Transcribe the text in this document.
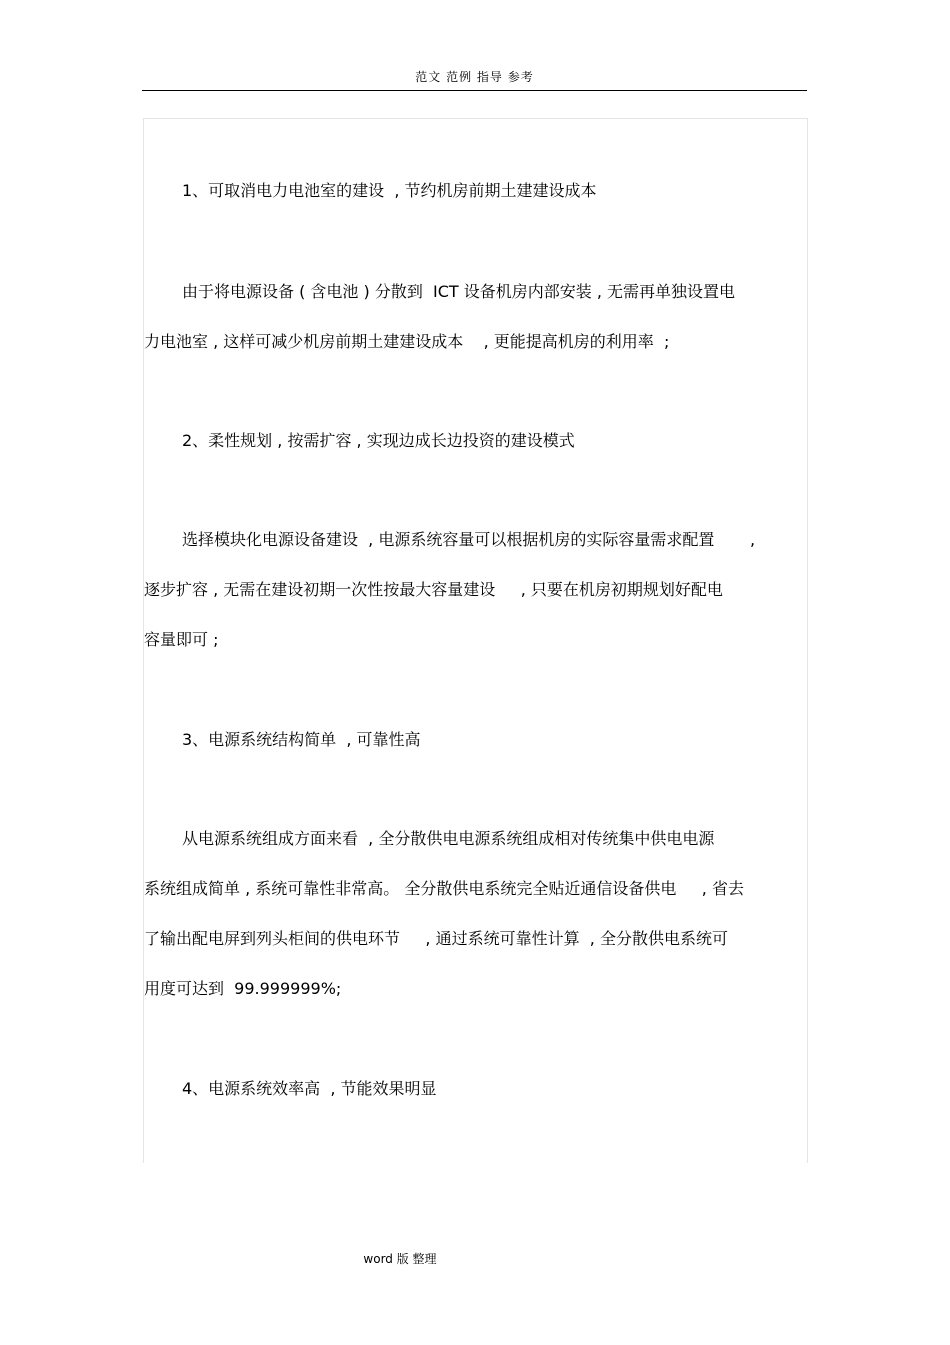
范文 范例 指导 参考
1、可取消电力电池室的建设  , 节约机房前期土建建设成本
由于将电源设备 ( 含电池 ) 分散到  ICT 设备机房内部安装 , 无需再单独设置电
力电池室 , 这样可减少机房前期土建建设成本    , 更能提高机房的利用率  ;
2、柔性规划 , 按需扩容 , 实现边成长边投资的建设模式
选择模块化电源设备建设  , 电源系统容量可以根据机房的实际容量需求配置       ,
逐步扩容 , 无需在建设初期一次性按最大容量建设     , 只要在机房初期规划好配电
容量即可 ;
3、电源系统结构简单  , 可靠性高
从电源系统组成方面来看  , 全分散供电电源系统组成相对传统集中供电电源
系统组成简单 , 系统可靠性非常高。 全分散供电系统完全贴近通信设备供电     , 省去
了输出配电屏到列头柜间的供电环节     , 通过系统可靠性计算  , 全分散供电系统可
用度可达到  99.999999%;
4、电源系统效率高  , 节能效果明显
word 版 整理
